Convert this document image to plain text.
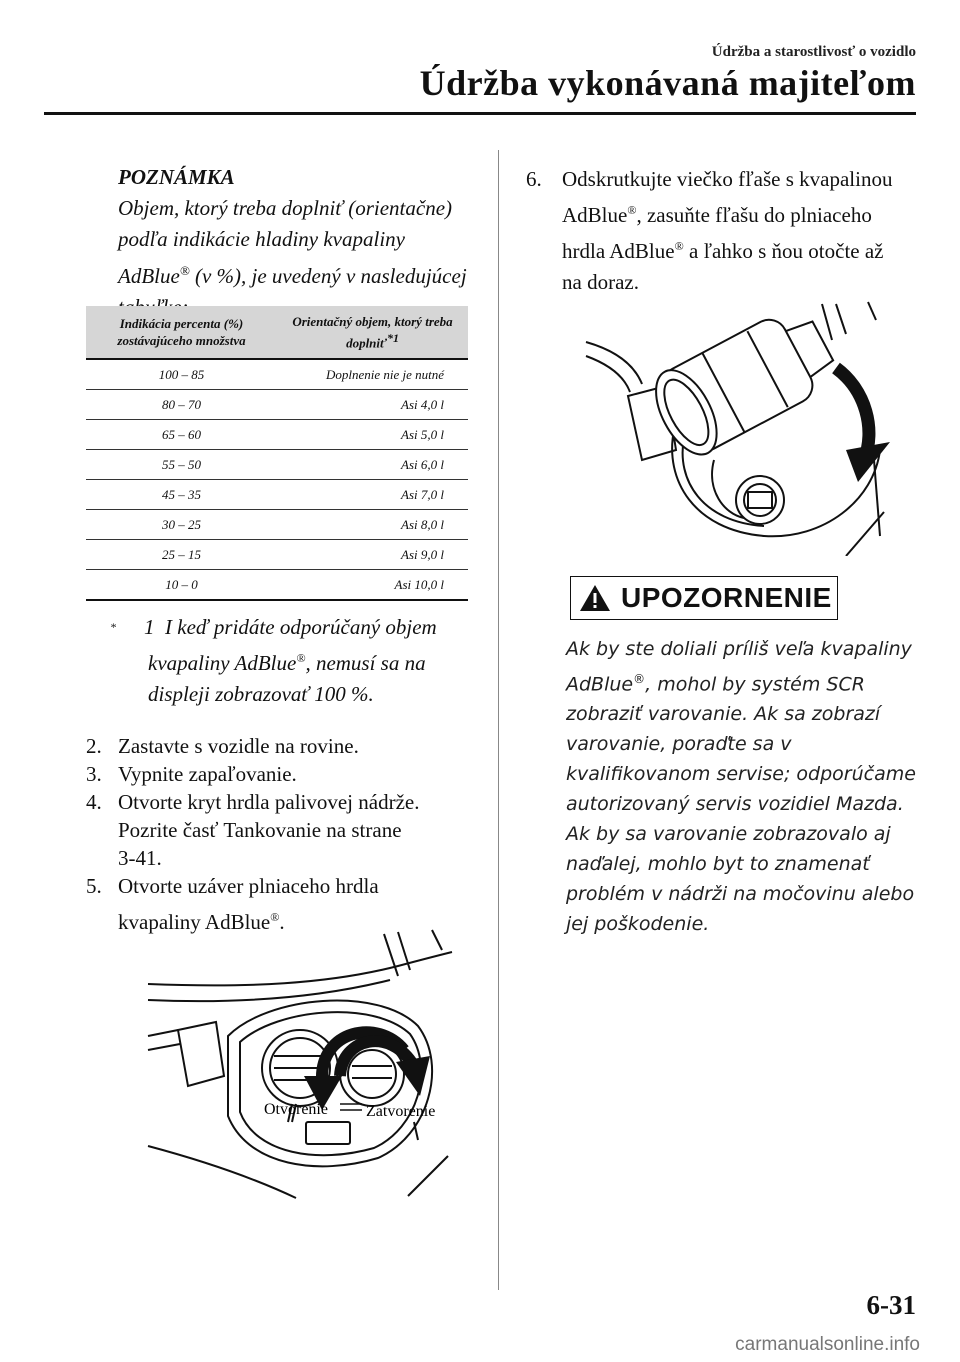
Údržba a starostlivosť o vozidlo
Údržba vykonávaná majiteľom
POZNÁMKA
Objem, ktorý treba doplniť (orientačne) podľa indikácie hladiny kvapaliny AdBlue® (v %), je uvedený v nasledujúcej
Indikácia percenta (%) zostávajúceho množstva	Orientačný objem, ktorý treba doplniť$^{*1}$
100 – 85	Doplnenie nie je nutné
80 – 70	Asi 4,0 l
65 – 60	Asi 5,0 l
55 – 50	Asi 6,0 l
45 – 35	Asi 7,0 l
30 – 25	Asi 8,0 l
25 – 15	Asi 9,0 l
10 – 0	Asi 10,0 l
* 1 I keď pridáte odporúčaný objem
kvapaliny AdBlue®, nemusí sa na
displeji zobrazovať 100 %.
2. Zastavte s vozidle na rovine.
3. Vypnite zapaľovanie.
4. Otvorte kryt hrdla palivovej nádrže.
Pozrite časť Tankovanie na strane
3-41.
5. Otvorte uzáver plniaceho hrdla
kvapaliny AdBlue®.
Otvorenie Zatvorenie
6. Odskrutkujte viečko fľaše s kvapalinou
AdBlue®, zasuňte fľašu do plniaceho
hrdla AdBlue® a ľahko s ňou otočte až
na doraz.
UPOZORNENIE
Ak by ste doliali príliš veľa kvapaliny AdBlue®, mohol by systém SCR zobraziť varovanie. Ak sa zobrazí varovanie, poraďte sa v kvalifikovanom servise; odporúčame autorizovaný servis vozidiel Mazda. Ak by sa varovanie zobrazovalo aj naďalej, mohlo byt to znamenať problém v nádrži na močovinu alebo jej poškodenie.
6-31
carmanualsonline.info
